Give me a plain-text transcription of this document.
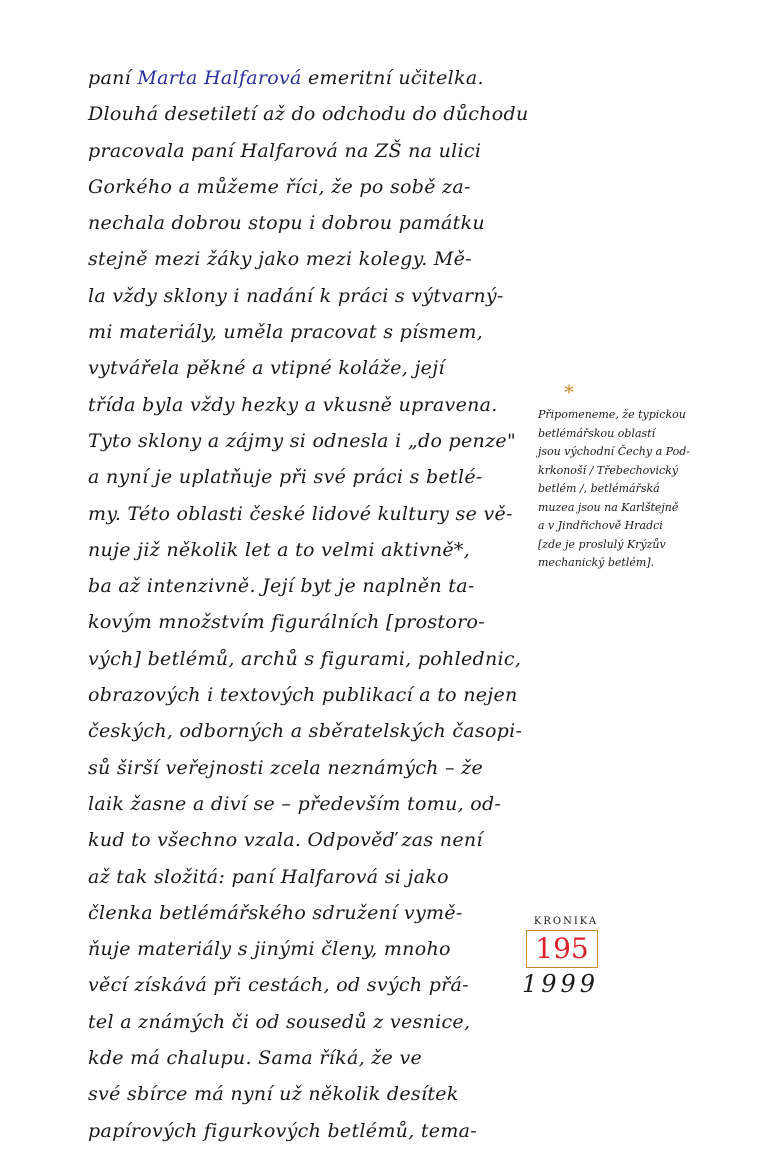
paní Marta Halfarová emeritní učitelka.
Dlouhá desetiletí až do odchodu do důchodu
pracovala paní Halfarová na ZŠ na ulici
Gorkého a můžeme říci, že po sobě za-
nechala dobrou stopu i dobrou památku
stejně mezi žáky jako mezi kolegy. Mě-
la vždy sklony i nadání k práci s výtvarný-
mi materiály, uměla pracovat s písmem,
vytvářela pěkné a vtipné koláže, její
třída byla vždy hezky a vkusně upravena.
Tyto sklony a zájmy si odnesla i „do penze"
a nyní je uplatňuje při své práci s betlé-
my. Této oblasti české lidové kultury se vě-
nuje již několik let a to velmi aktivně*,
ba až intenzivně. Její byt je naplněn ta-
kovým množstvím figurálních [prostoro-
vých] betlémů, archů s figurami, pohlednic,
obrazových i textových publikací a to nejen
českých, odborných a sběratelských časopi-
sů širší veřejnosti zcela neznámých – že
laik žasne a diví se – především tomu, od-
kud to všechno vzala. Odpověď zas není
až tak složitá: paní Halfarová si jako
členka betlémářského sdružení vymě-
ňuje materiály s jinými členy, mnoho
věcí získává při cestách, od svých přá-
tel a známých či od sousedů z vesnice,
kde má chalupu. Sama říká, že ve
své sbírce má nyní už několik desítek
papírových figurkových betlémů, tema-
*
Připomeneme, že typickou
betlémářskou oblastí
jsou východní Čechy a Pod-
krkonoší / Třebechovický
betlém /, betlémářská
muzea jsou na Karlštejně
a v Jindřichově Hradci
[zde je proslulý Krýzův
mechanický betlém].
KRONIKA
195
1999
